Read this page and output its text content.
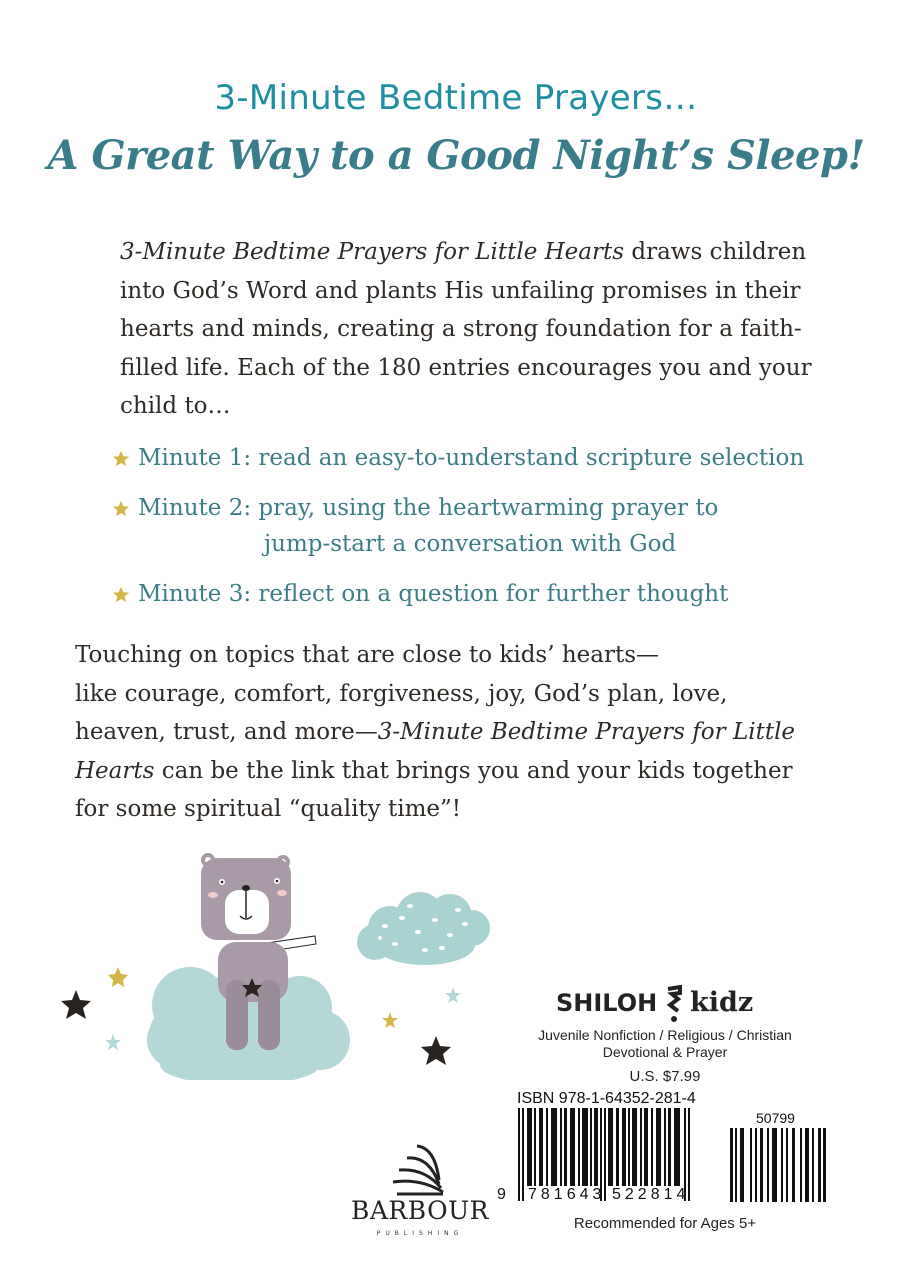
3-Minute Bedtime Prayers…
A Great Way to a Good Night’s Sleep!
3-Minute Bedtime Prayers for Little Hearts draws children
into God’s Word and plants His unfailing promises in their
hearts and minds, creating a strong foundation for a faith-
filled life. Each of the 180 entries encourages you and your
child to…
Minute 1: read an easy-to-understand scripture selection
Minute 2: pray, using the heartwarming prayer to
jump-start a conversation with God
Minute 3: reflect on a question for further thought
Touching on topics that are close to kids’ hearts—
like courage, comfort, forgiveness, joy, God’s plan, love,
heaven, trust, and more—3-Minute Bedtime Prayers for Little
Hearts can be the link that brings you and your kids together
for some spiritual “quality time”!
SHILOH kidz
Juvenile Nonfiction / Religious / Christian
Devotional & Prayer
U.S. $7.99
ISBN 978-1-64352-281-4
9 781643 522814
50799
Recommended for Ages 5+
BARBOUR
PUBLISHING
